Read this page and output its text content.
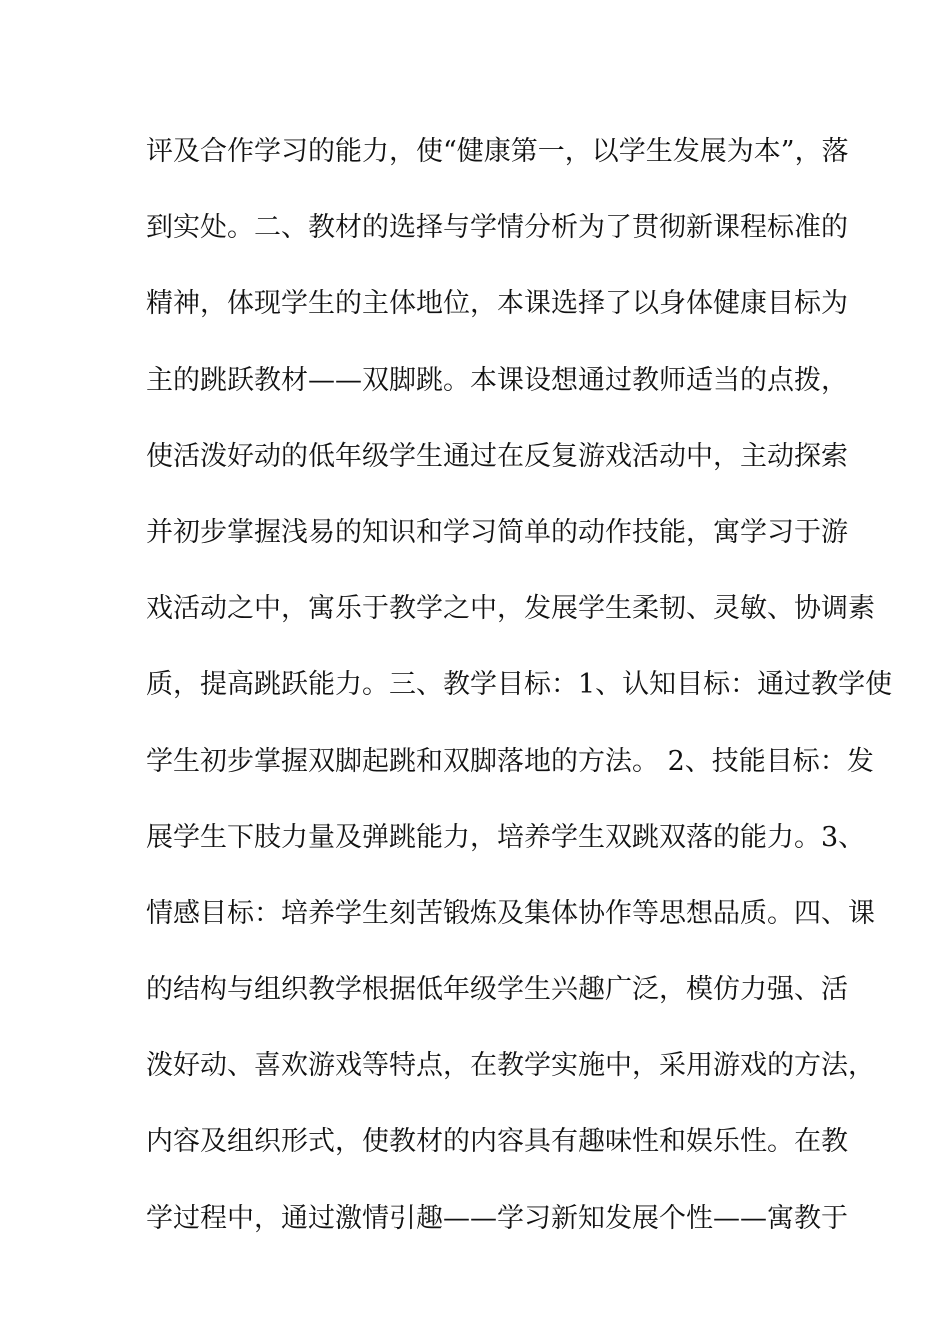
评及合作学习的能力，使“健康第一，以学生发展为本”，落
到实处。二、教材的选择与学情分析为了贯彻新课程标准的
精神，体现学生的主体地位，本课选择了以身体健康目标为
主的跳跃教材——双脚跳。本课设想通过教师适当的点拨，
使活泼好动的低年级学生通过在反复游戏活动中，主动探索
并初步掌握浅易的知识和学习简单的动作技能，寓学习于游
戏活动之中，寓乐于教学之中，发展学生柔韧、灵敏、协调素
质，提高跳跃能力。三、教学目标：1、认知目标：通过教学使
学生初步掌握双脚起跳和双脚落地的方法。 2、技能目标：发
展学生下肢力量及弹跳能力，培养学生双跳双落的能力。3、
情感目标：培养学生刻苦锻炼及集体协作等思想品质。四、课
的结构与组织教学根据低年级学生兴趣广泛，模仿力强、活
泼好动、喜欢游戏等特点，在教学实施中，采用游戏的方法，
内容及组织形式，使教材的内容具有趣味性和娱乐性。在教
学过程中，通过激情引趣——学习新知发展个性——寓教于
